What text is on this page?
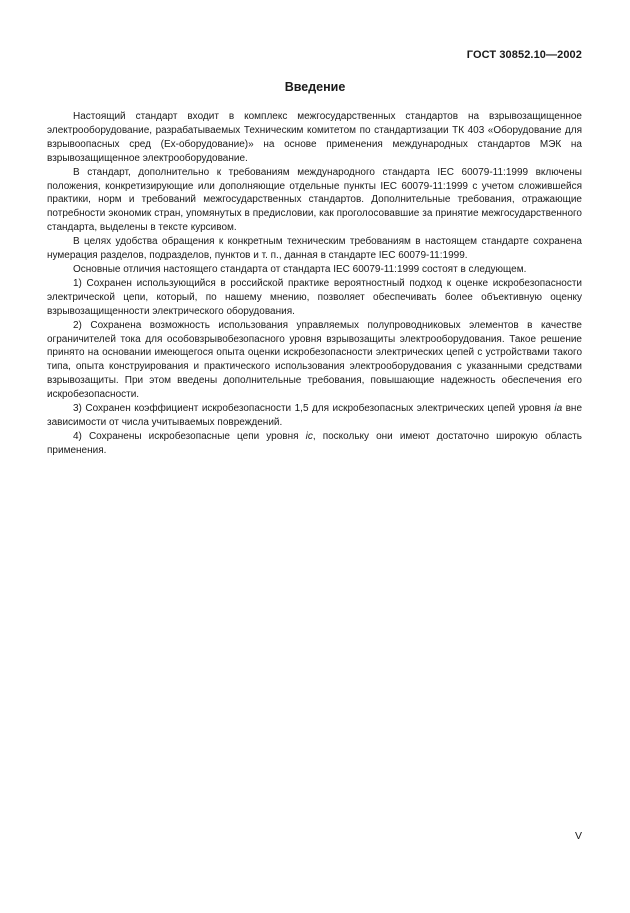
ГОСТ 30852.10—2002
Введение

Настоящий стандарт входит в комплекс межгосударственных стандартов на взрывозащищенное электрооборудование, разрабатываемых Техническим комитетом по стандартизации ТК 403 «Оборудование для взрывоопасных сред (Ex-оборудование)» на основе применения международных стандартов МЭК на взрывозащищенное электрооборудование.

В стандарт, дополнительно к требованиям международного стандарта IEC 60079-11:1999 включены положения, конкретизирующие или дополняющие отдельные пункты IEC 60079-11:1999 с учетом сложившейся практики, норм и требований межгосударственных стандартов. Дополнительные требования, отражающие потребности экономик стран, упомянутых в предисловии, как проголосовавшие за принятие межгосударственного стандарта, выделены в тексте курсивом.

В целях удобства обращения к конкретным техническим требованиям в настоящем стандарте сохранена нумерация разделов, подразделов, пунктов и т. п., данная в стандарте IEC 60079-11:1999.

Основные отличия настоящего стандарта от стандарта IEC 60079-11:1999 состоят в следующем.

1) Сохранен использующийся в российской практике вероятностный подход к оценке искробезопасности электрической цепи, который, по нашему мнению, позволяет обеспечивать более объективную оценку взрывозащищенности электрического оборудования.

2) Сохранена возможность использования управляемых полупроводниковых элементов в качестве ограничителей тока для особовзрывобезопасного уровня взрывозащиты электрооборудования. Такое решение принято на основании имеющегося опыта оценки искробезопасности электрических цепей с устройствами такого типа, опыта конструирования и практического использования электрооборудования с указанными средствами взрывозащиты. При этом введены дополнительные требования, повышающие надежность обеспечения его искробезопасности.

3) Сохранен коэффициент искробезопасности 1,5 для искробезопасных электрических цепей уровня ia вне зависимости от числа учитываемых повреждений.

4) Сохранены искробезопасные цепи уровня ic, поскольку они имеют достаточно широкую область применения.

V
